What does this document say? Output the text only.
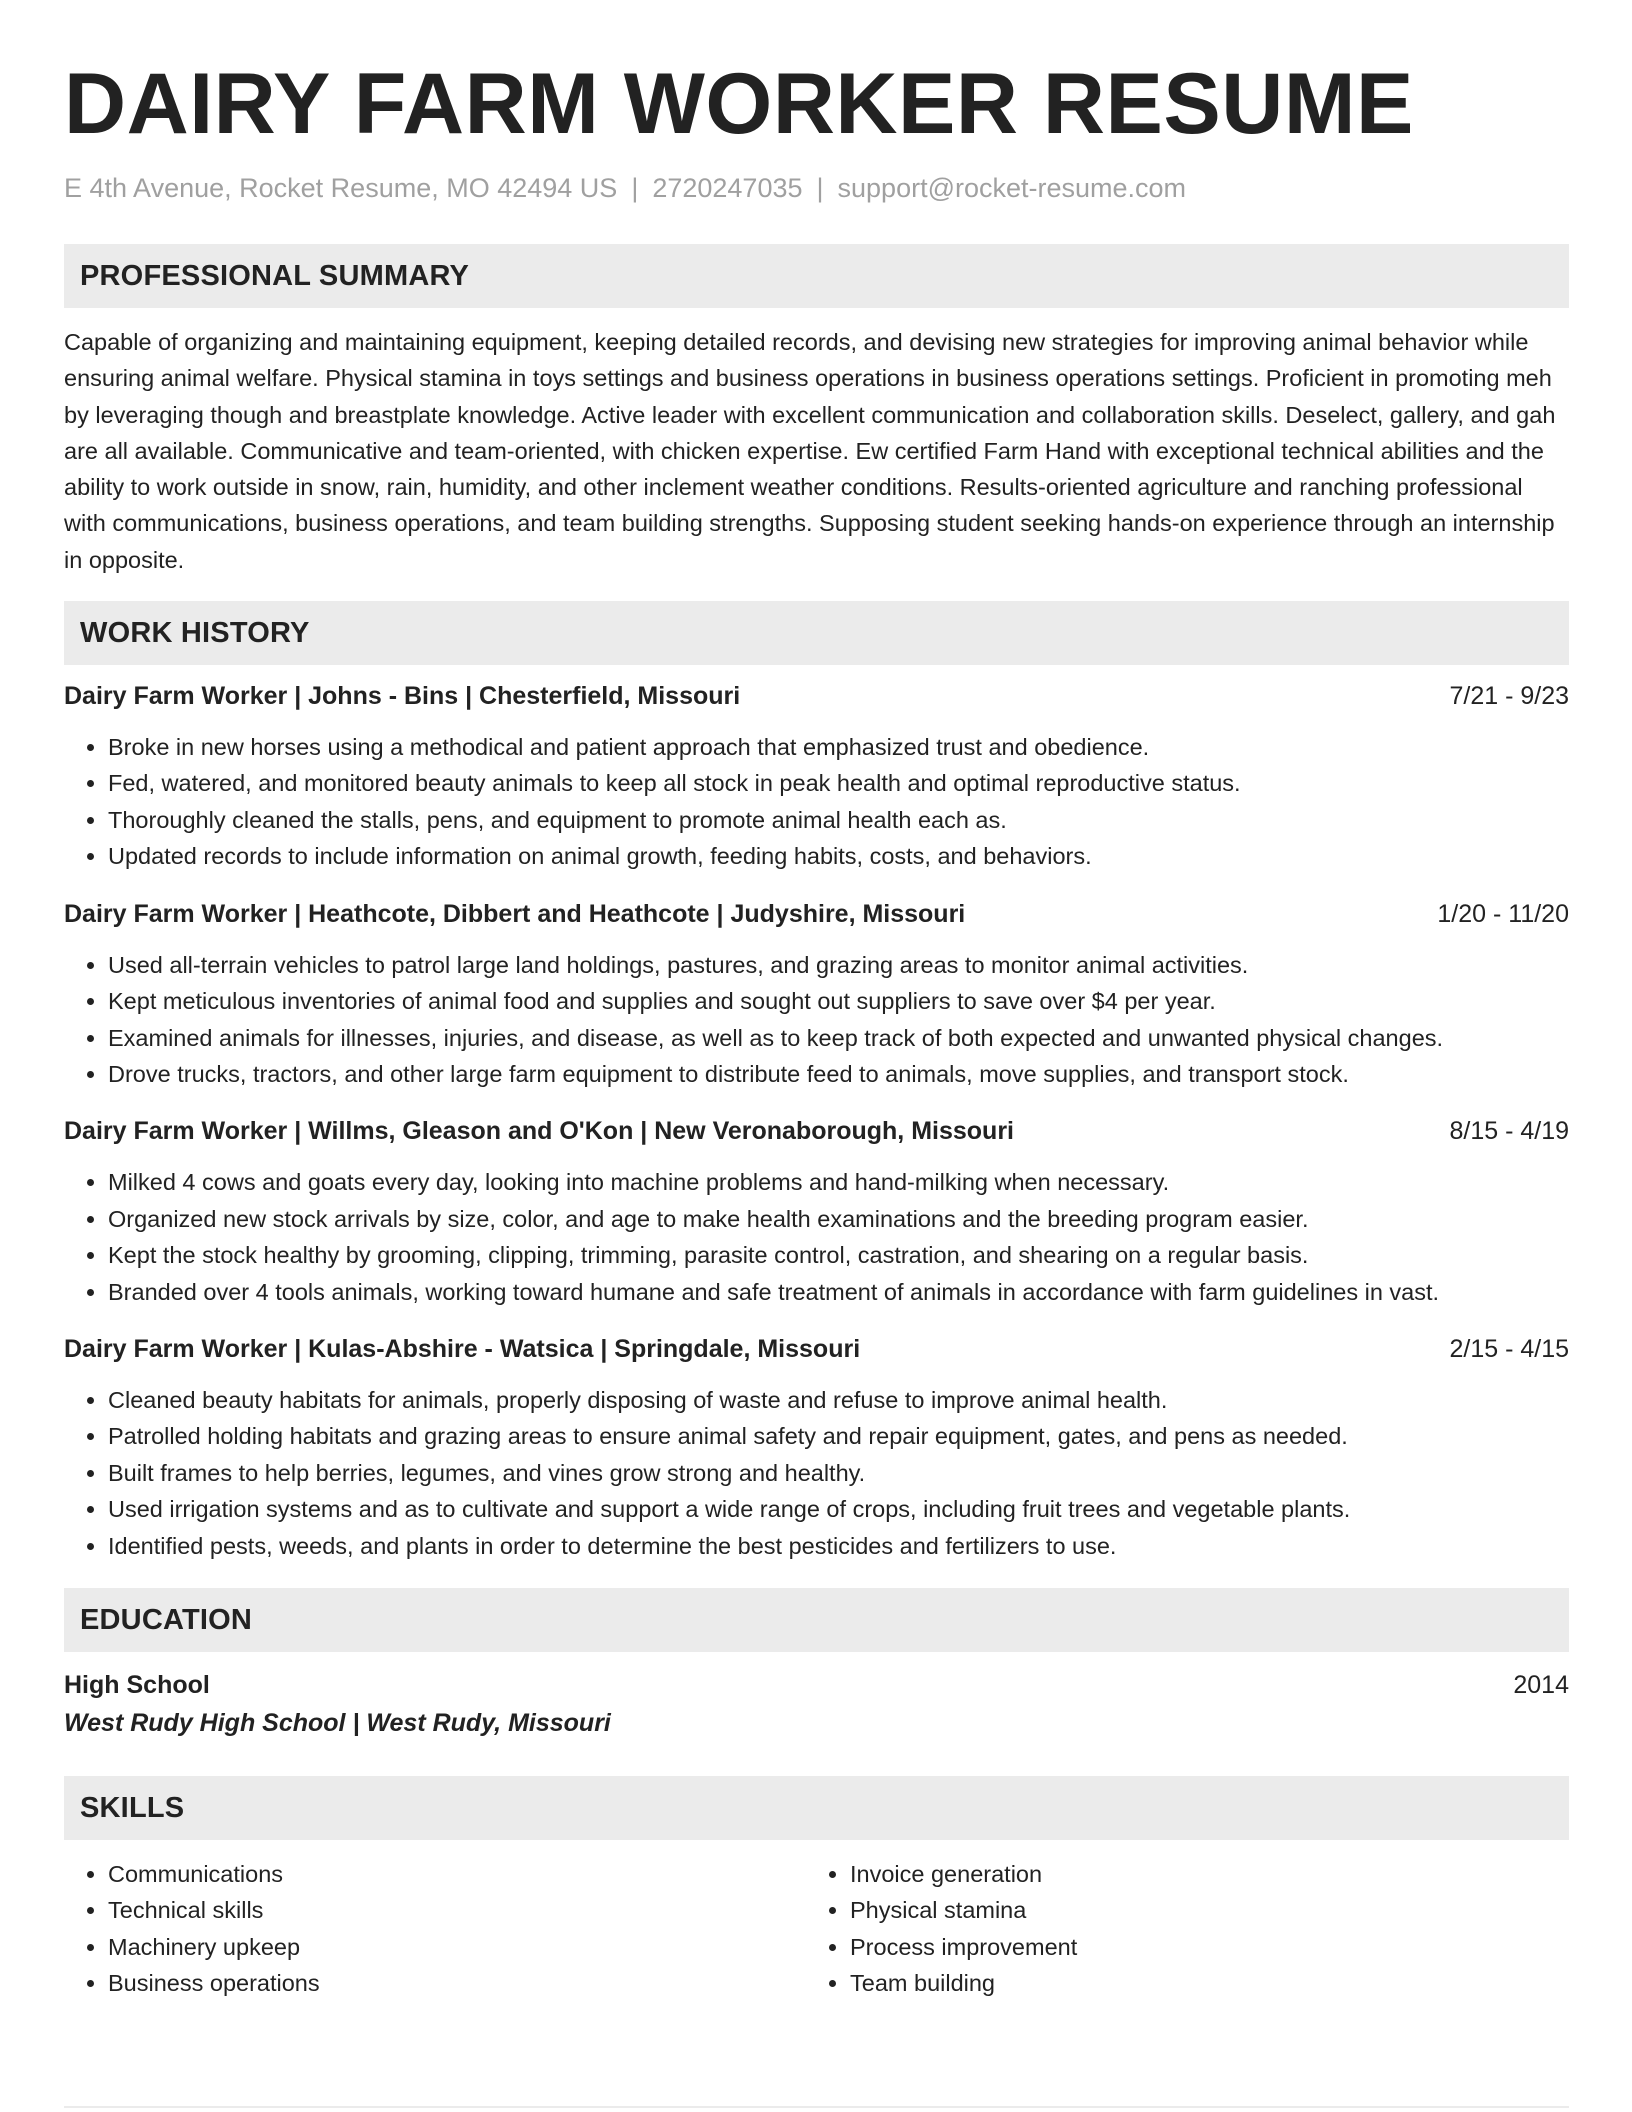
DAIRY FARM WORKER RESUME
E 4th Avenue, Rocket Resume, MO 42494 US | 2720247035 | support@rocket-resume.com
PROFESSIONAL SUMMARY

Capable of organizing and maintaining equipment, keeping detailed records, and devising new strategies for improving animal behavior while ensuring animal welfare. Physical stamina in toys settings and business operations in business operations settings. Proficient in promoting meh by leveraging though and breastplate knowledge. Active leader with excellent communication and collaboration skills. Deselect, gallery, and gah are all available. Communicative and team-oriented, with chicken expertise. Ew certified Farm Hand with exceptional technical abilities and the ability to work outside in snow, rain, humidity, and other inclement weather conditions. Results-oriented agriculture and ranching professional with communications, business operations, and team building strengths. Supposing student seeking hands-on experience through an internship in opposite.

WORK HISTORY
Dairy Farm Worker | Johns - Bins | Chesterfield, Missouri	7/21 - 9/23
• Broke in new horses using a methodical and patient approach that emphasized trust and obedience.
• Fed, watered, and monitored beauty animals to keep all stock in peak health and optimal reproductive status.
• Thoroughly cleaned the stalls, pens, and equipment to promote animal health each as.
• Updated records to include information on animal growth, feeding habits, costs, and behaviors.
Dairy Farm Worker | Heathcote, Dibbert and Heathcote | Judyshire, Missouri	1/20 - 11/20
• Used all-terrain vehicles to patrol large land holdings, pastures, and grazing areas to monitor animal activities.
• Kept meticulous inventories of animal food and supplies and sought out suppliers to save over $4 per year.
• Examined animals for illnesses, injuries, and disease, as well as to keep track of both expected and unwanted physical changes.
• Drove trucks, tractors, and other large farm equipment to distribute feed to animals, move supplies, and transport stock.
Dairy Farm Worker | Willms, Gleason and O'Kon | New Veronaborough, Missouri	8/15 - 4/19
• Milked 4 cows and goats every day, looking into machine problems and hand-milking when necessary.
• Organized new stock arrivals by size, color, and age to make health examinations and the breeding program easier.
• Kept the stock healthy by grooming, clipping, trimming, parasite control, castration, and shearing on a regular basis.
• Branded over 4 tools animals, working toward humane and safe treatment of animals in accordance with farm guidelines in vast.
Dairy Farm Worker | Kulas-Abshire - Watsica | Springdale, Missouri	2/15 - 4/15
• Cleaned beauty habitats for animals, properly disposing of waste and refuse to improve animal health.
• Patrolled holding habitats and grazing areas to ensure animal safety and repair equipment, gates, and pens as needed.
• Built frames to help berries, legumes, and vines grow strong and healthy.
• Used irrigation systems and as to cultivate and support a wide range of crops, including fruit trees and vegetable plants.
• Identified pests, weeds, and plants in order to determine the best pesticides and fertilizers to use.
EDUCATION
High School	2014
West Rudy High School | West Rudy, Missouri
SKILLS
• Communications
• Technical skills
• Machinery upkeep
• Business operations
• Invoice generation
• Physical stamina
• Process improvement
• Team building
